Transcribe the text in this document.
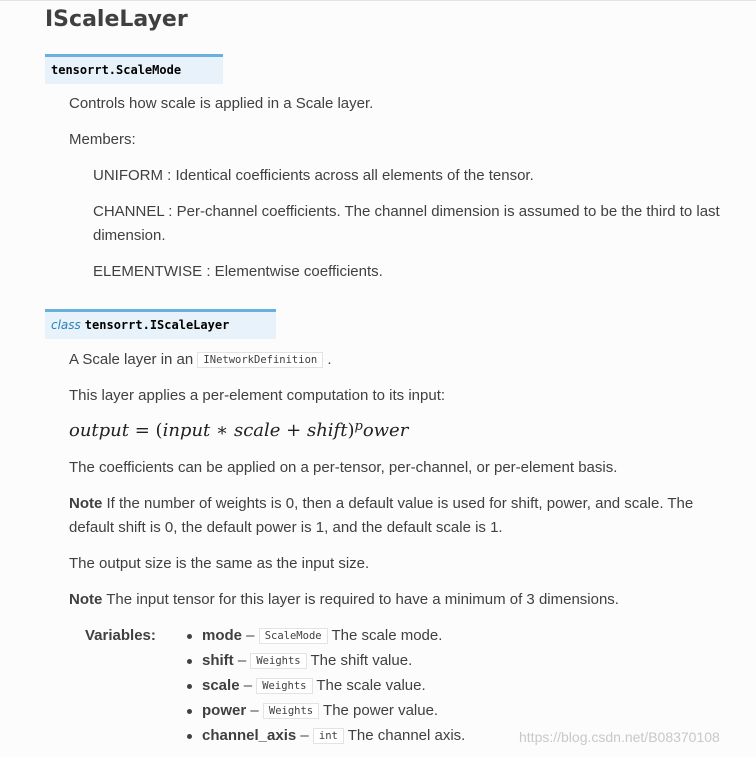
IScaleLayer
tensorrt.ScaleMode

Controls how scale is applied in a Scale layer.

Members:

UNIFORM : Identical coefficients across all elements of the tensor.

CHANNEL : Per-channel coefficients. The channel dimension is assumed to be the third to last dimension.

ELEMENTWISE : Elementwise coefficients.

class tensorrt.IScaleLayer

A Scale layer in an INetworkDefinition .

This layer applies a per-element computation to its input:

output = (input ∗ scale + shift)$^p$ower

The coefficients can be applied on a per-tensor, per-channel, or per-element basis.

Note If the number of weights is 0, then a default value is used for shift, power, and scale. The default shift is 0, the default power is 1, and the default scale is 1.

The output size is the same as the input size.

Note The input tensor for this layer is required to have a minimum of 3 dimensions.

Variables:	mode – ScaleMode The scale mode.
shift – Weights The shift value.
scale – Weights The scale value.
power – Weights The power value.
channel_axis – int The channel axis.	https://blog.csdn.net/B08370108
